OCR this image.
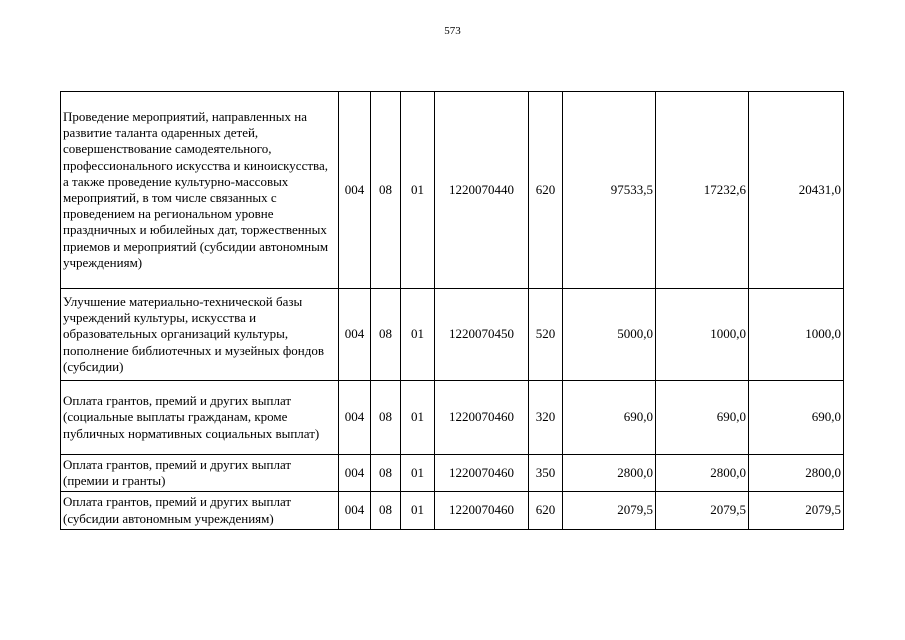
573
Проведение мероприятий, направленных на развитие таланта одаренных детей, совершенствование самодеятельного, профессионального искусства и киноискусства, а также проведение культурно-массовых мероприятий, в том числе связанных с проведением на региональном уровне праздничных и юбилейных дат, торжественных приемов и мероприятий (субсидии автономным учреждениям)	004	08	01	1220070440	620	97533,5	17232,6	20431,0
Улучшение материально-технической базы учреждений культуры, искусства и образовательных организаций культуры, пополнение библиотечных и музейных фондов (субсидии)	004	08	01	1220070450	520	5000,0	1000,0	1000,0
Оплата грантов, премий и других выплат (социальные выплаты гражданам, кроме публичных нормативных социальных выплат)	004	08	01	1220070460	320	690,0	690,0	690,0
Оплата грантов, премий и других выплат (премии и гранты)	004	08	01	1220070460	350	2800,0	2800,0	2800,0
Оплата грантов, премий и других выплат (субсидии автономным учреждениям)	004	08	01	1220070460	620	2079,5	2079,5	2079,5
